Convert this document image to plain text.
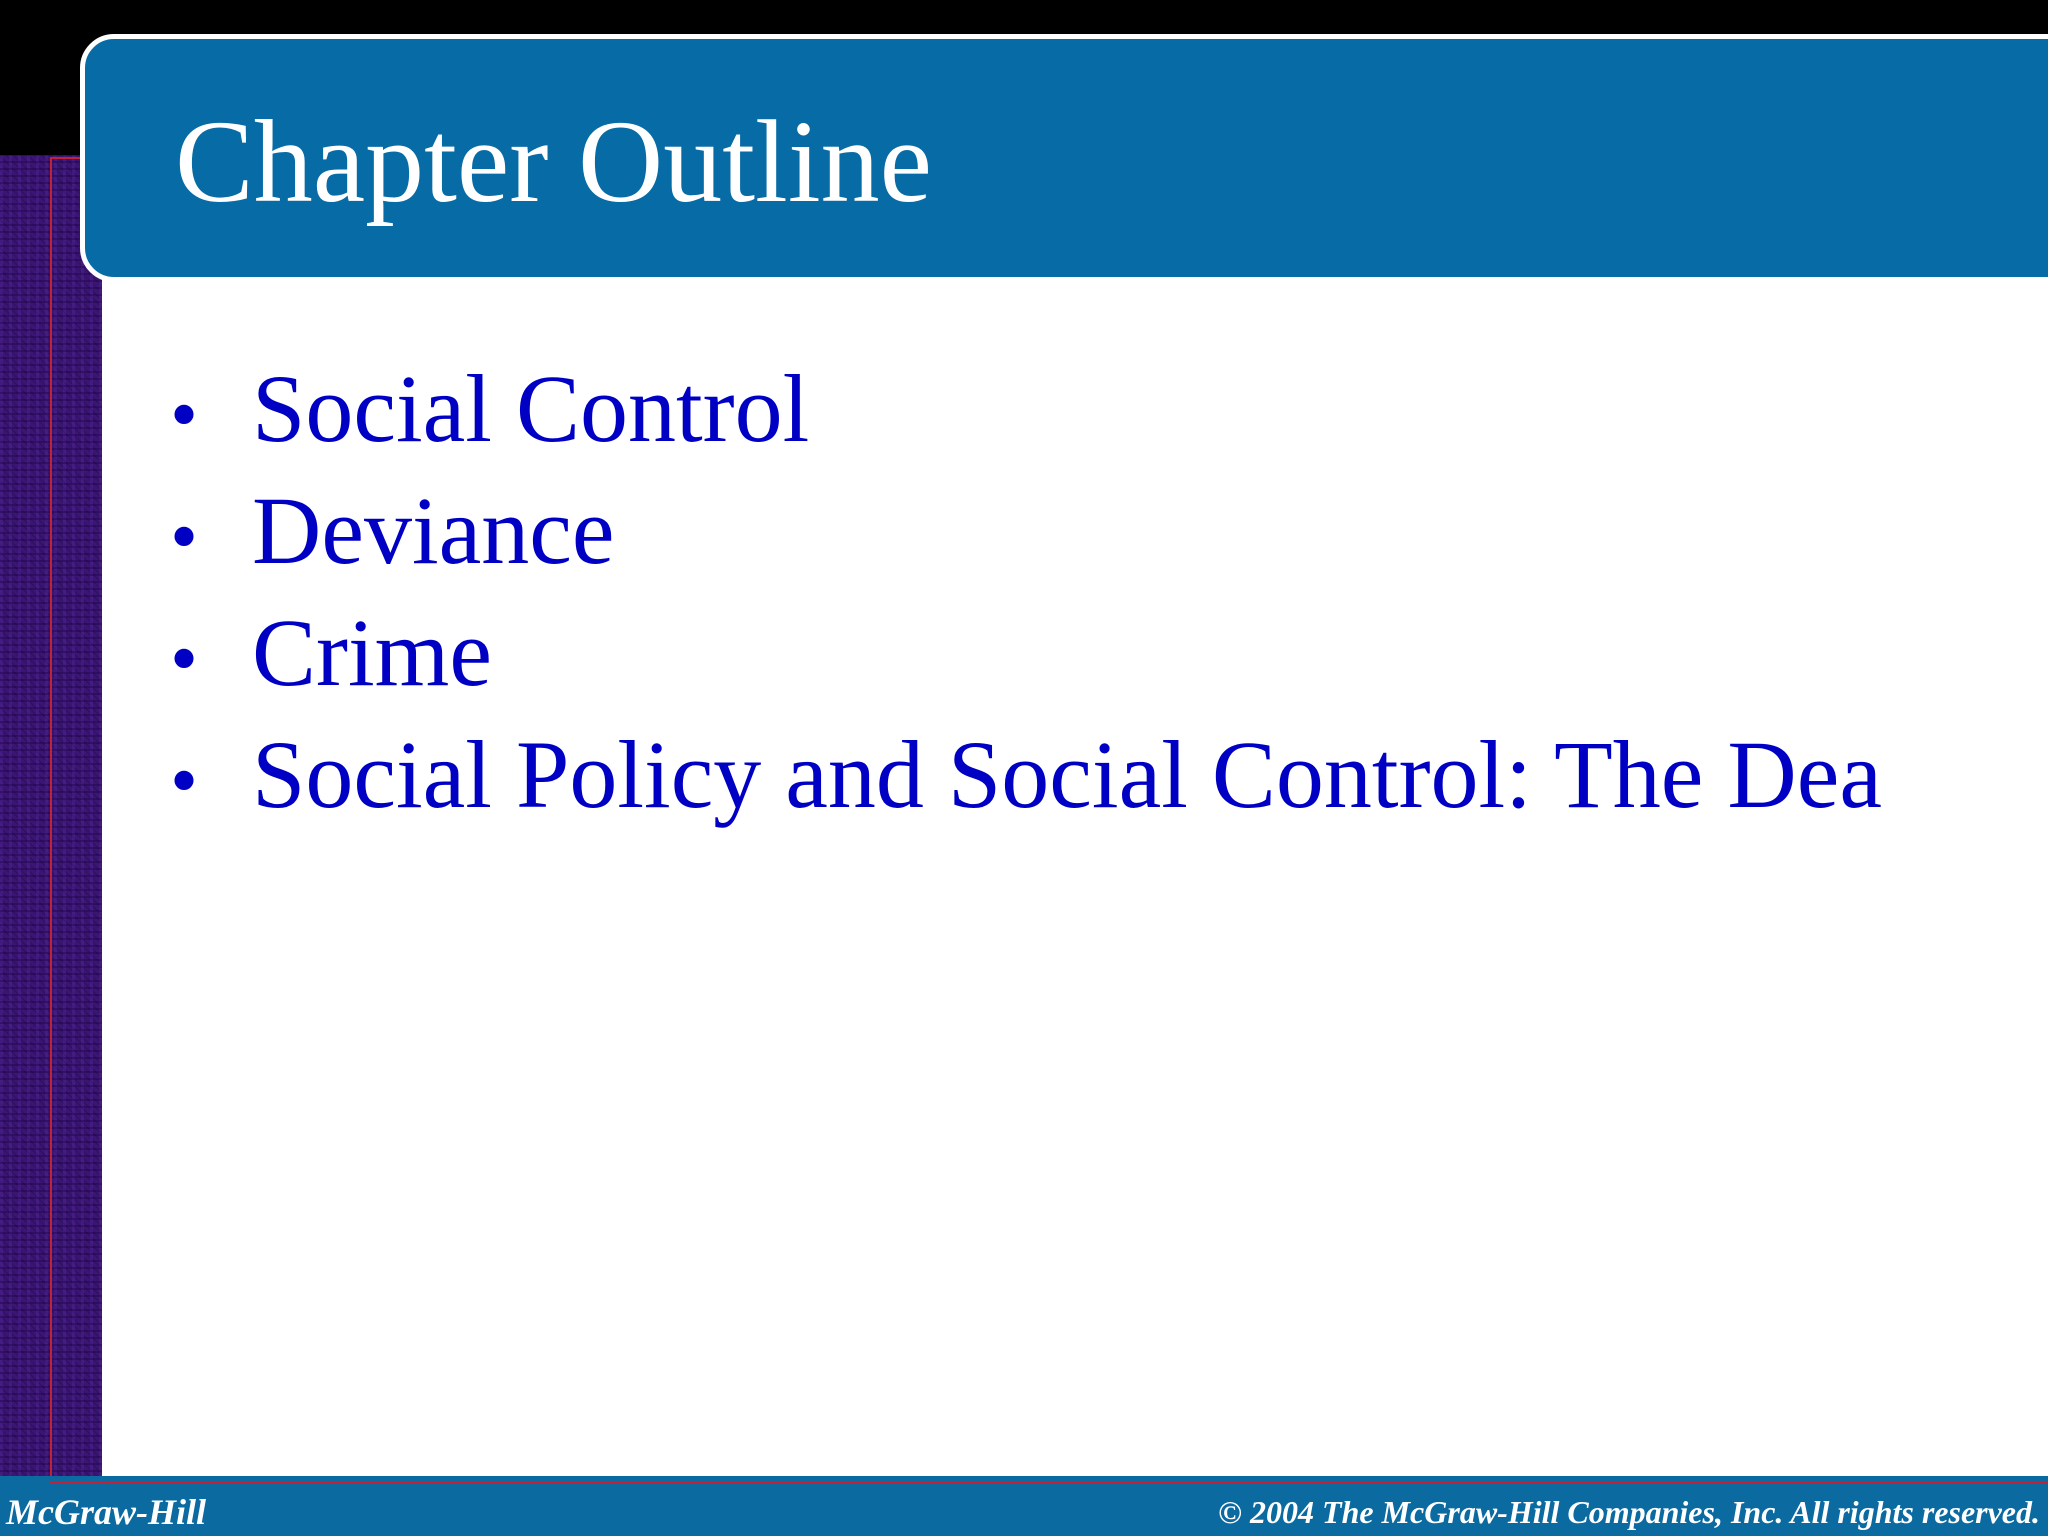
Chapter Outline
• Social Control
• Deviance
• Crime
• Social Policy and Social Control: The Dea
McGraw-Hill	© 2004 The McGraw-Hill Companies, Inc. All rights reserved.
